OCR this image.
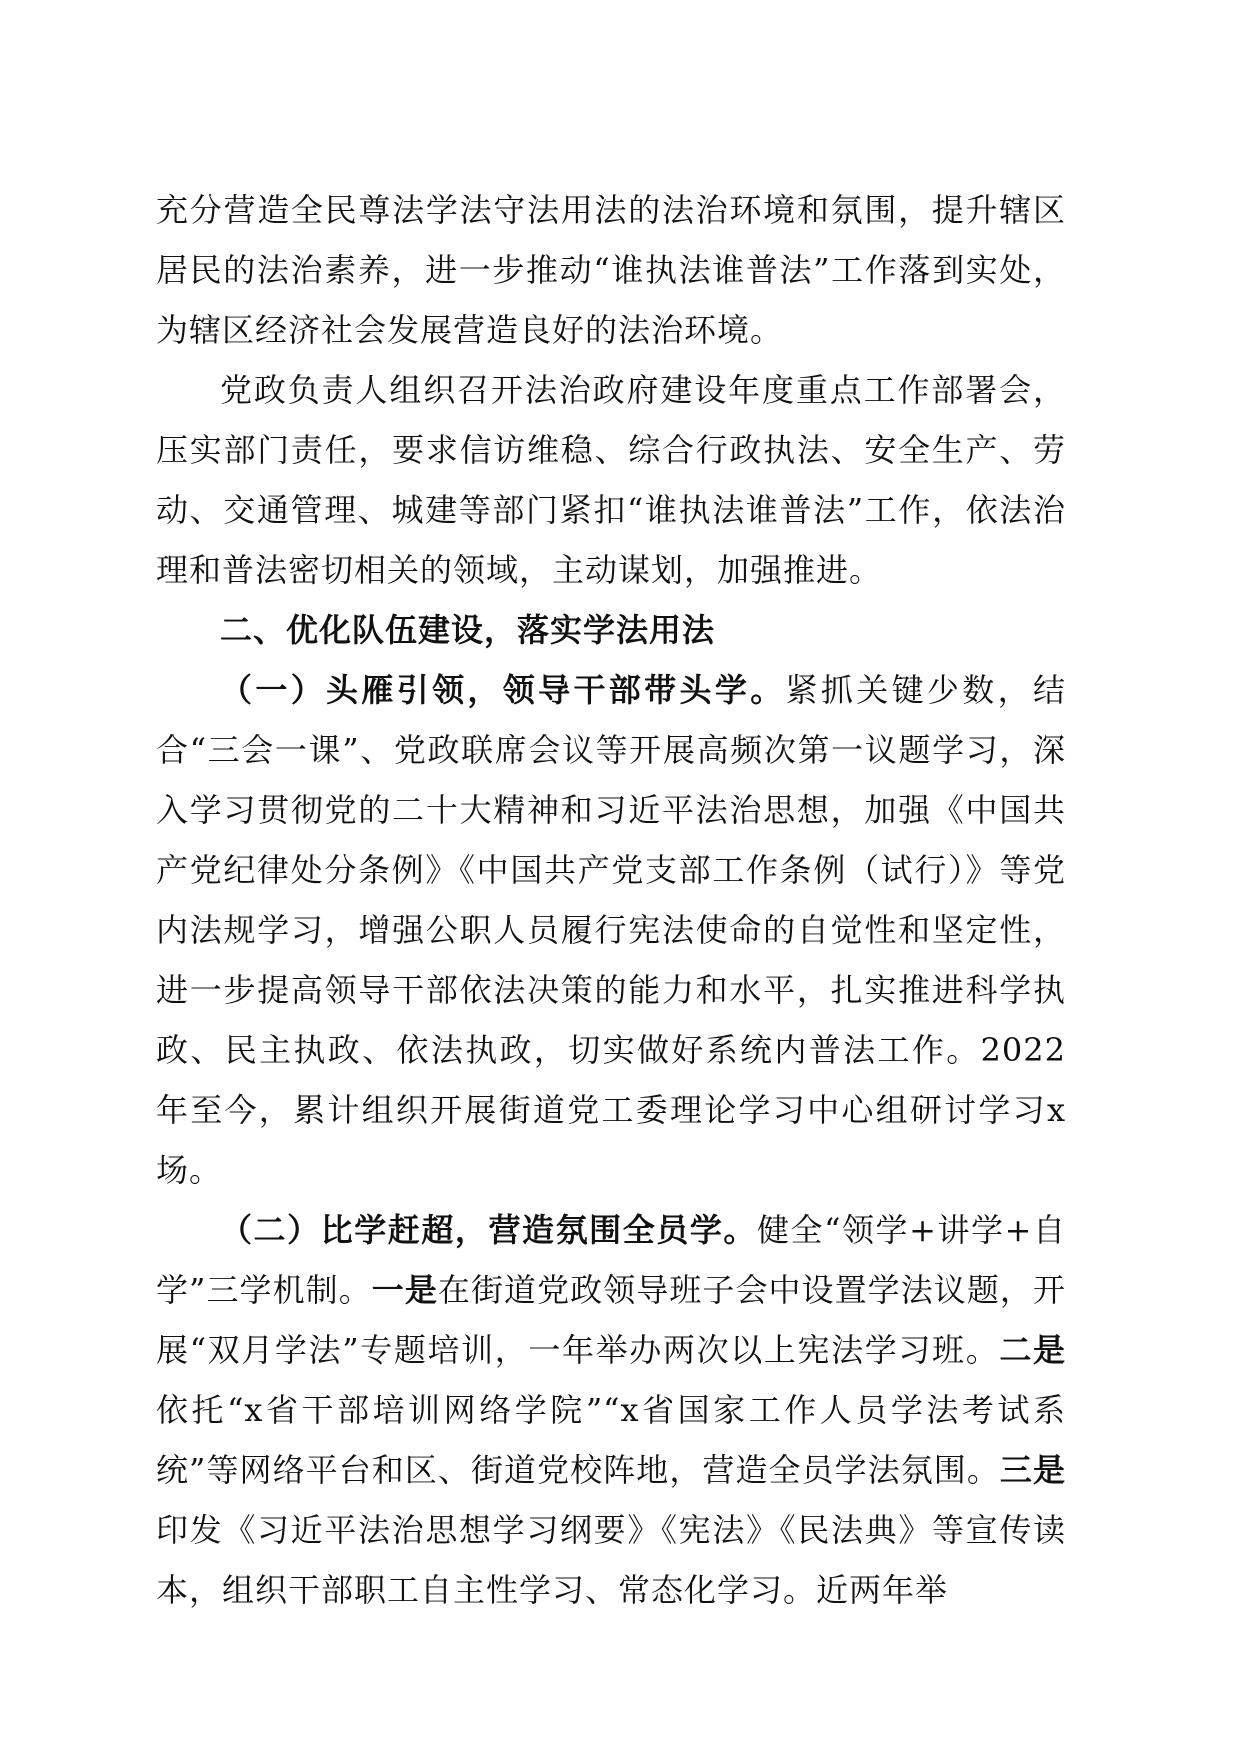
充分营造全民尊法学法守法用法的法治环境和氛围，提升辖区居民的法治素养，进一步推动“谁执法谁普法”工作落到实处，为辖区经济社会发展营造良好的法治环境。

党政负责人组织召开法治政府建设年度重点工作部署会，压实部门责任，要求信访维稳、综合行政执法、安全生产、劳动、交通管理、城建等部门紧扣“谁执法谁普法”工作，依法治理和普法密切相关的领域，主动谋划，加强推进。

二、优化队伍建设，落实学法用法

（一）头雁引领，领导干部带头学。紧抓关键少数，结合“三会一课”、党政联席会议等开展高频次第一议题学习，深入学习贯彻党的二十大精神和习近平法治思想，加强《中国共产党纪律处分条例》《中国共产党支部工作条例（试行）》等党内法规学习，增强公职人员履行宪法使命的自觉性和坚定性，进一步提高领导干部依法决策的能力和水平，扎实推进科学执政、民主执政、依法执政，切实做好系统内普法工作。2022年至今，累计组织开展街道党工委理论学习中心组研讨学习x场。

（二）比学赶超，营造氛围全员学。健全“领学+讲学+自学”三学机制。一是在街道党政领导班子会中设置学法议题，开展“双月学法”专题培训，一年举办两次以上宪法学习班。二是依托“x省干部培训网络学院”“x省国家工作人员学法考试系统”等网络平台和区、街道党校阵地，营造全员学法氛围。三是印发《习近平法治思想学习纲要》《宪法》《民法典》等宣传读本，组织干部职工自主性学习、常态化学习。近两年举
